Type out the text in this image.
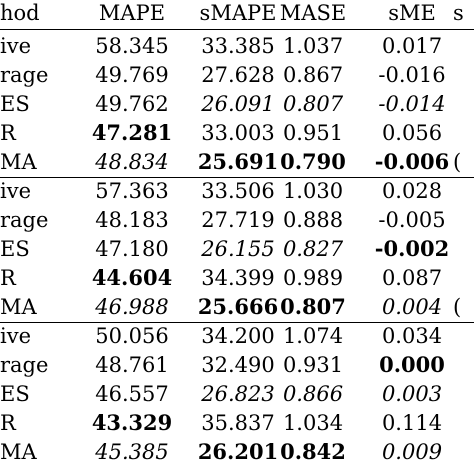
hod	MAPE	sMAPE MASE	sME s
ive	58.345	33.385 1.037	0.017
rage	49.769	27.628 0.867	-0.016
ES	49.762	26.091 0.807	-0.014
R	47.281	33.003 0.951	0.056
MA	48.834	25.691 0.790	-0.006 (
ive	57.363	33.506 1.030	0.028
rage	48.183	27.719 0.888	-0.005
ES	47.180	26.155 0.827	-0.002
R	44.604	34.399 0.989	0.087
MA	46.988	25.666 0.807	0.004 (
ive	50.056	34.200 1.074	0.034
rage	48.761	32.490 0.931	0.000
ES	46.557	26.823 0.866	0.003
R	43.329	35.837 1.034	0.114
MA	45.385	26.201 0.842	0.009
